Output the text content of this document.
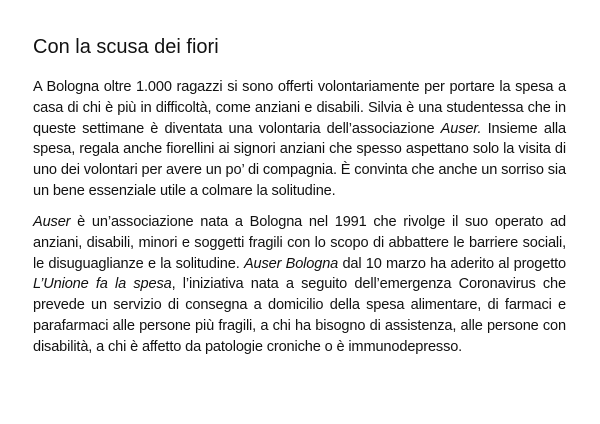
Con la scusa dei fiori

A Bologna oltre 1.000 ragazzi si sono offerti volontariamente per portare la spesa a casa di chi è più in difficoltà, come anziani e disabili. Silvia è una studentessa che in queste settimane è diventata una volontaria dell’associazione Auser. Insieme alla spesa, regala anche fiorellini ai signori anziani che spesso aspettano solo la visita di uno dei volontari per avere un po’ di compagnia. È convinta che anche un sorriso sia un bene essenziale utile a colmare la solitudine.

Auser è un’associazione nata a Bologna nel 1991 che rivolge il suo operato ad anziani, disabili, minori e soggetti fragili con lo scopo di abbattere le barriere sociali, le disuguaglianze e la solitudine. Auser Bologna dal 10 marzo ha aderito al progetto L’Unione fa la spesa, l’iniziativa nata a seguito dell’emergenza Coronavirus che prevede un servizio di consegna a domicilio della spesa alimentare, di farmaci e parafarmaci alle persone più fragili, a chi ha bisogno di assistenza, alle persone con disabilità, a chi è affetto da patologie croniche o è immunodepresso.
